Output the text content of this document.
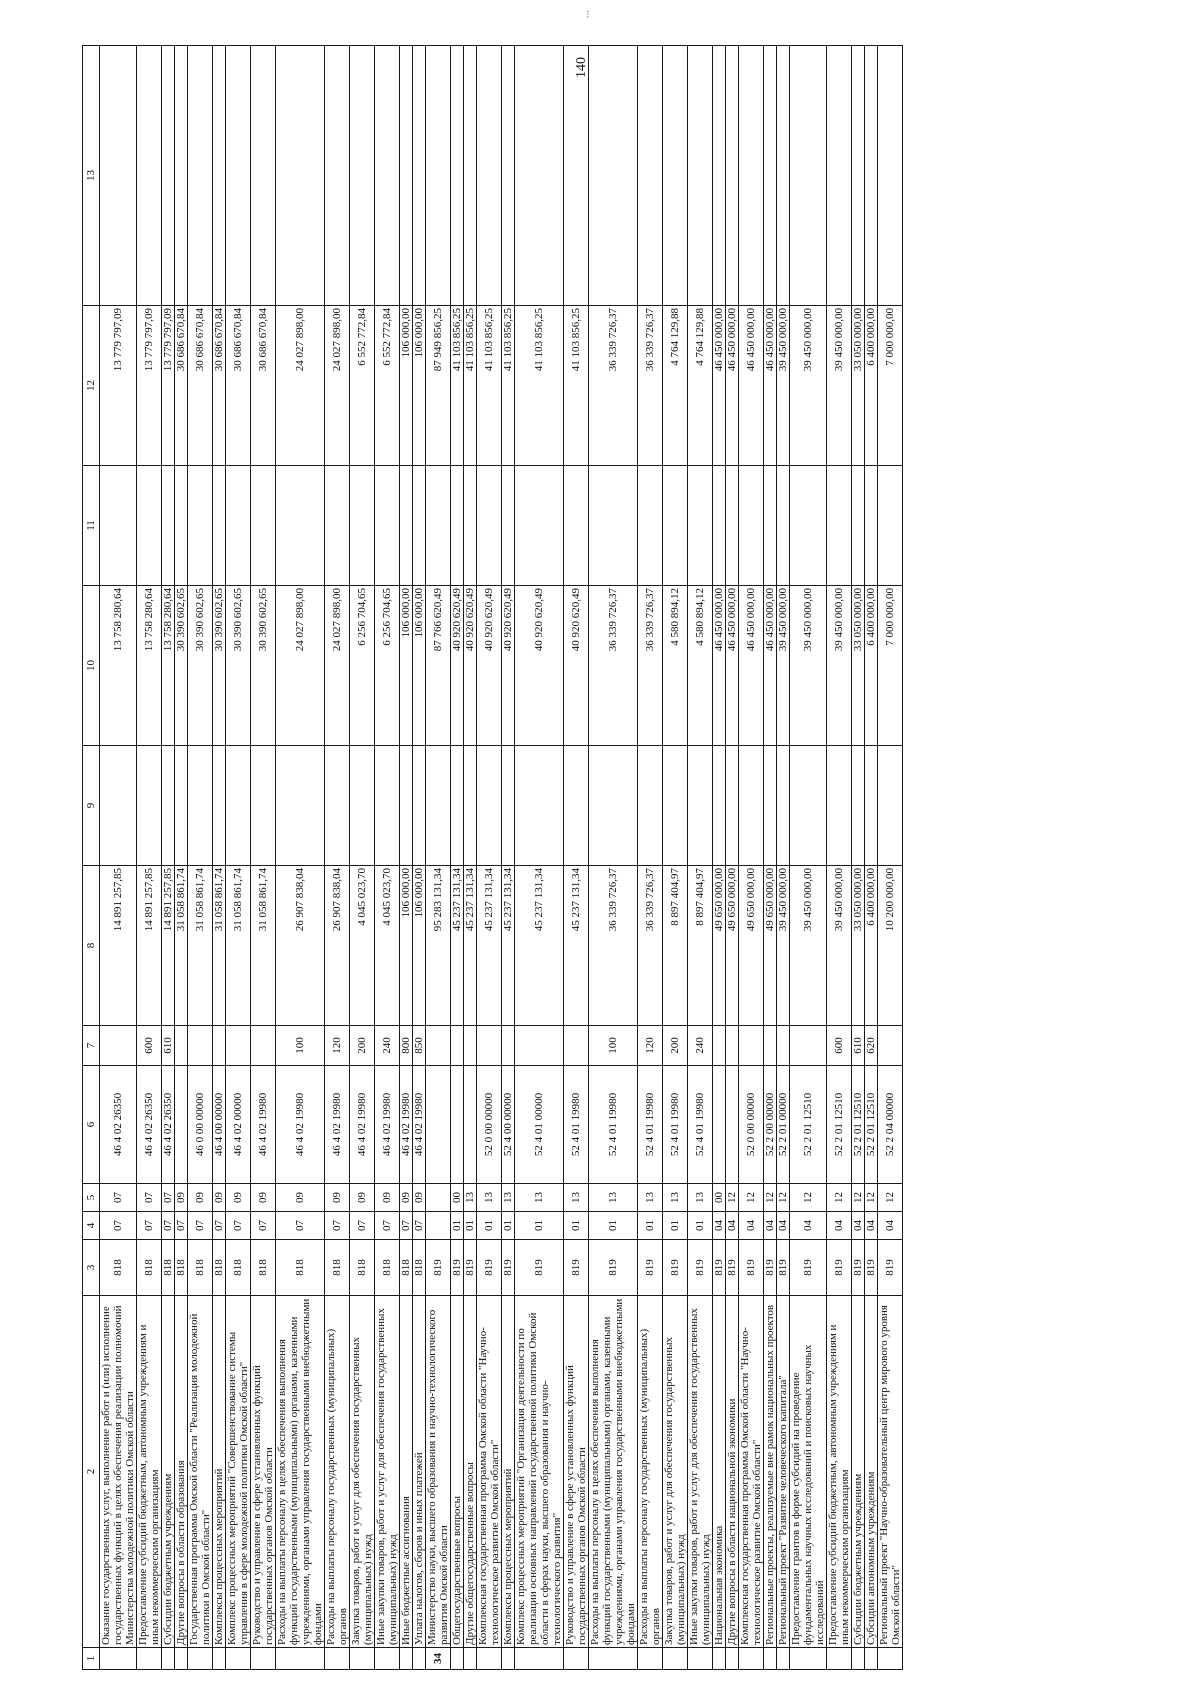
⁝
140
1	2	3	4	5	6	7	8	9	10	11	12	13
	Оказание государственных услуг, выполнение работ и (или) исполнение государственных функций в целях обеспечения реализации полномочий Министерства молодежной политики Омской области	818	07	07	46 4 02 26350		14 891 257,85		13 758 280,64		13 779 797,09	
	Предоставление субсидий бюджетным, автономным учреждениям и иным некоммерческим организациям	818	07	07	46 4 02 26350	600	14 891 257,85		13 758 280,64		13 779 797,09	
	Субсидии бюджетным учреждениям	818	07	07	46 4 02 26350	610	14 891 257,85		13 758 280,64		13 779 797,09	
	Другие вопросы в области образования	818	07	09			31 058 861,74		30 390 602,65		30 686 670,84	
	Государственная программа Омской области "Реализация молодежной политики в Омской области"	818	07	09	46 0 00 00000		31 058 861,74		30 390 602,65		30 686 670,84	
	Комплексы процессных мероприятий	818	07	09	46 4 00 00000		31 058 861,74		30 390 602,65		30 686 670,84	
	Комплекс процессных мероприятий "Совершенствование системы управления в сфере молодежной политики Омской области"	818	07	09	46 4 02 00000		31 058 861,74		30 390 602,65		30 686 670,84	
	Руководство и управление в сфере установленных функций государственных органов Омской области	818	07	09	46 4 02 19980		31 058 861,74		30 390 602,65		30 686 670,84	
	Расходы на выплаты персоналу в целях обеспечения выполнения функций государственными (муниципальными) органами, казенными учреждениями, органами управления государственными внебюджетными фондами	818	07	09	46 4 02 19980	100	26 907 838,04		24 027 898,00		24 027 898,00	
	Расходы на выплаты персоналу государственных (муниципальных) органов	818	07	09	46 4 02 19980	120	26 907 838,04		24 027 898,00		24 027 898,00	
	Закупка товаров, работ и услуг для обеспечения государственных (муниципальных) нужд	818	07	09	46 4 02 19980	200	4 045 023,70		6 256 704,65		6 552 772,84	
	Иные закупки товаров, работ и услуг для обеспечения государственных (муниципальных) нужд	818	07	09	46 4 02 19980	240	4 045 023,70		6 256 704,65		6 552 772,84	
	Иные бюджетные ассигнования	818	07	09	46 4 02 19980	800	106 000,00		106 000,00		106 000,00	
	Уплата налогов, сборов и иных платежей	818	07	09	46 4 02 19980	850	106 000,00		106 000,00		106 000,00	
34	Министерство науки, высшего образования и научно-технологического развития Омской области	819					95 283 131,34		87 766 620,49		87 949 856,25	
	Общегосударственные вопросы	819	01	00			45 237 131,34		40 920 620,49		41 103 856,25	
	Другие общегосударственные вопросы	819	01	13			45 237 131,34		40 920 620,49		41 103 856,25	
	Комплексная государственная программа Омской области "Научно-технологическое развитие Омской области"	819	01	13	52 0 00 00000		45 237 131,34		40 920 620,49		41 103 856,25	
	Комплексы процессных мероприятий	819	01	13	52 4 00 00000		45 237 131,34		40 920 620,49		41 103 856,25	
	Комплекс процессных мероприятий "Организация деятельности по реализации основных направлений государственной политики Омской области в сферах науки, высшего образования и научно-технологического развития"	819	01	13	52 4 01 00000		45 237 131,34		40 920 620,49		41 103 856,25	
	Руководство и управление в сфере установленных функций государственных органов Омской области	819	01	13	52 4 01 19980		45 237 131,34		40 920 620,49		41 103 856,25	
	Расходы на выплаты персоналу в целях обеспечения выполнения функций государственными (муниципальными) органами, казенными учреждениями, органами управления государственными внебюджетными фондами	819	01	13	52 4 01 19980	100	36 339 726,37		36 339 726,37		36 339 726,37	
	Расходы на выплаты персоналу государственных (муниципальных) органов	819	01	13	52 4 01 19980	120	36 339 726,37		36 339 726,37		36 339 726,37	
	Закупка товаров, работ и услуг для обеспечения государственных (муниципальных) нужд	819	01	13	52 4 01 19980	200	8 897 404,97		4 580 894,12		4 764 129,88	
	Иные закупки товаров, работ и услуг для обеспечения государственных (муниципальных) нужд	819	01	13	52 4 01 19980	240	8 897 404,97		4 580 894,12		4 764 129,88	
	Национальная экономика	819	04	00			49 650 000,00		46 450 000,00		46 450 000,00	
	Другие вопросы в области национальной экономики	819	04	12			49 650 000,00		46 450 000,00		46 450 000,00	
	Комплексная государственная программа Омской области "Научно-технологическое развитие Омской области"	819	04	12	52 0 00 00000		49 650 000,00		46 450 000,00		46 450 000,00	
	Региональные проекты, реализуемые вне рамок национальных проектов	819	04	12	52 2 00 00000		49 650 000,00		46 450 000,00		46 450 000,00	
	Региональный проект "Развитие человеческого капитала"	819	04	12	52 2 01 00000		39 450 000,00		39 450 000,00		39 450 000,00	
	Предоставление грантов в форме субсидий на проведение фундаментальных научных исследований и поисковых научных исследований	819	04	12	52 2 01 12510		39 450 000,00		39 450 000,00		39 450 000,00	
	Предоставление субсидий бюджетным, автономным учреждениям и иным некоммерческим организациям	819	04	12	52 2 01 12510	600	39 450 000,00		39 450 000,00		39 450 000,00	
	Субсидии бюджетным учреждениям	819	04	12	52 2 01 12510	610	33 050 000,00		33 050 000,00		33 050 000,00	
	Субсидии автономным учреждениям	819	04	12	52 2 01 12510	620	6 400 000,00		6 400 000,00		6 400 000,00	
	Региональный проект "Научно-образовательный центр мирового уровня Омской области"	819	04	12	52 2 04 00000		10 200 000,00		7 000 000,00		7 000 000,00	
